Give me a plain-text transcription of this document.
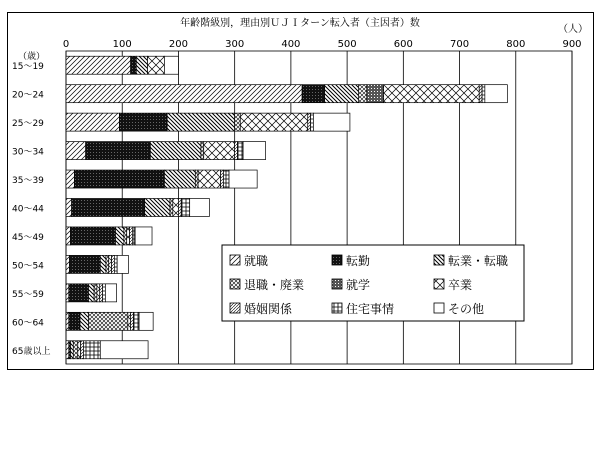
年齢階級別，理由別ＵＪＩターン転入者（主因者）数
（人）
（歳）
0	100	200	300	400	500	600	700	800	900
15～19
20～24
25～29
30～34
35～39
40～44
45～49
50～54
55～59
60～64
65歳以上
就職	転勤	転業・転職
退職・廃業	就学	卒業
婚姻関係	住宅事情	その他
